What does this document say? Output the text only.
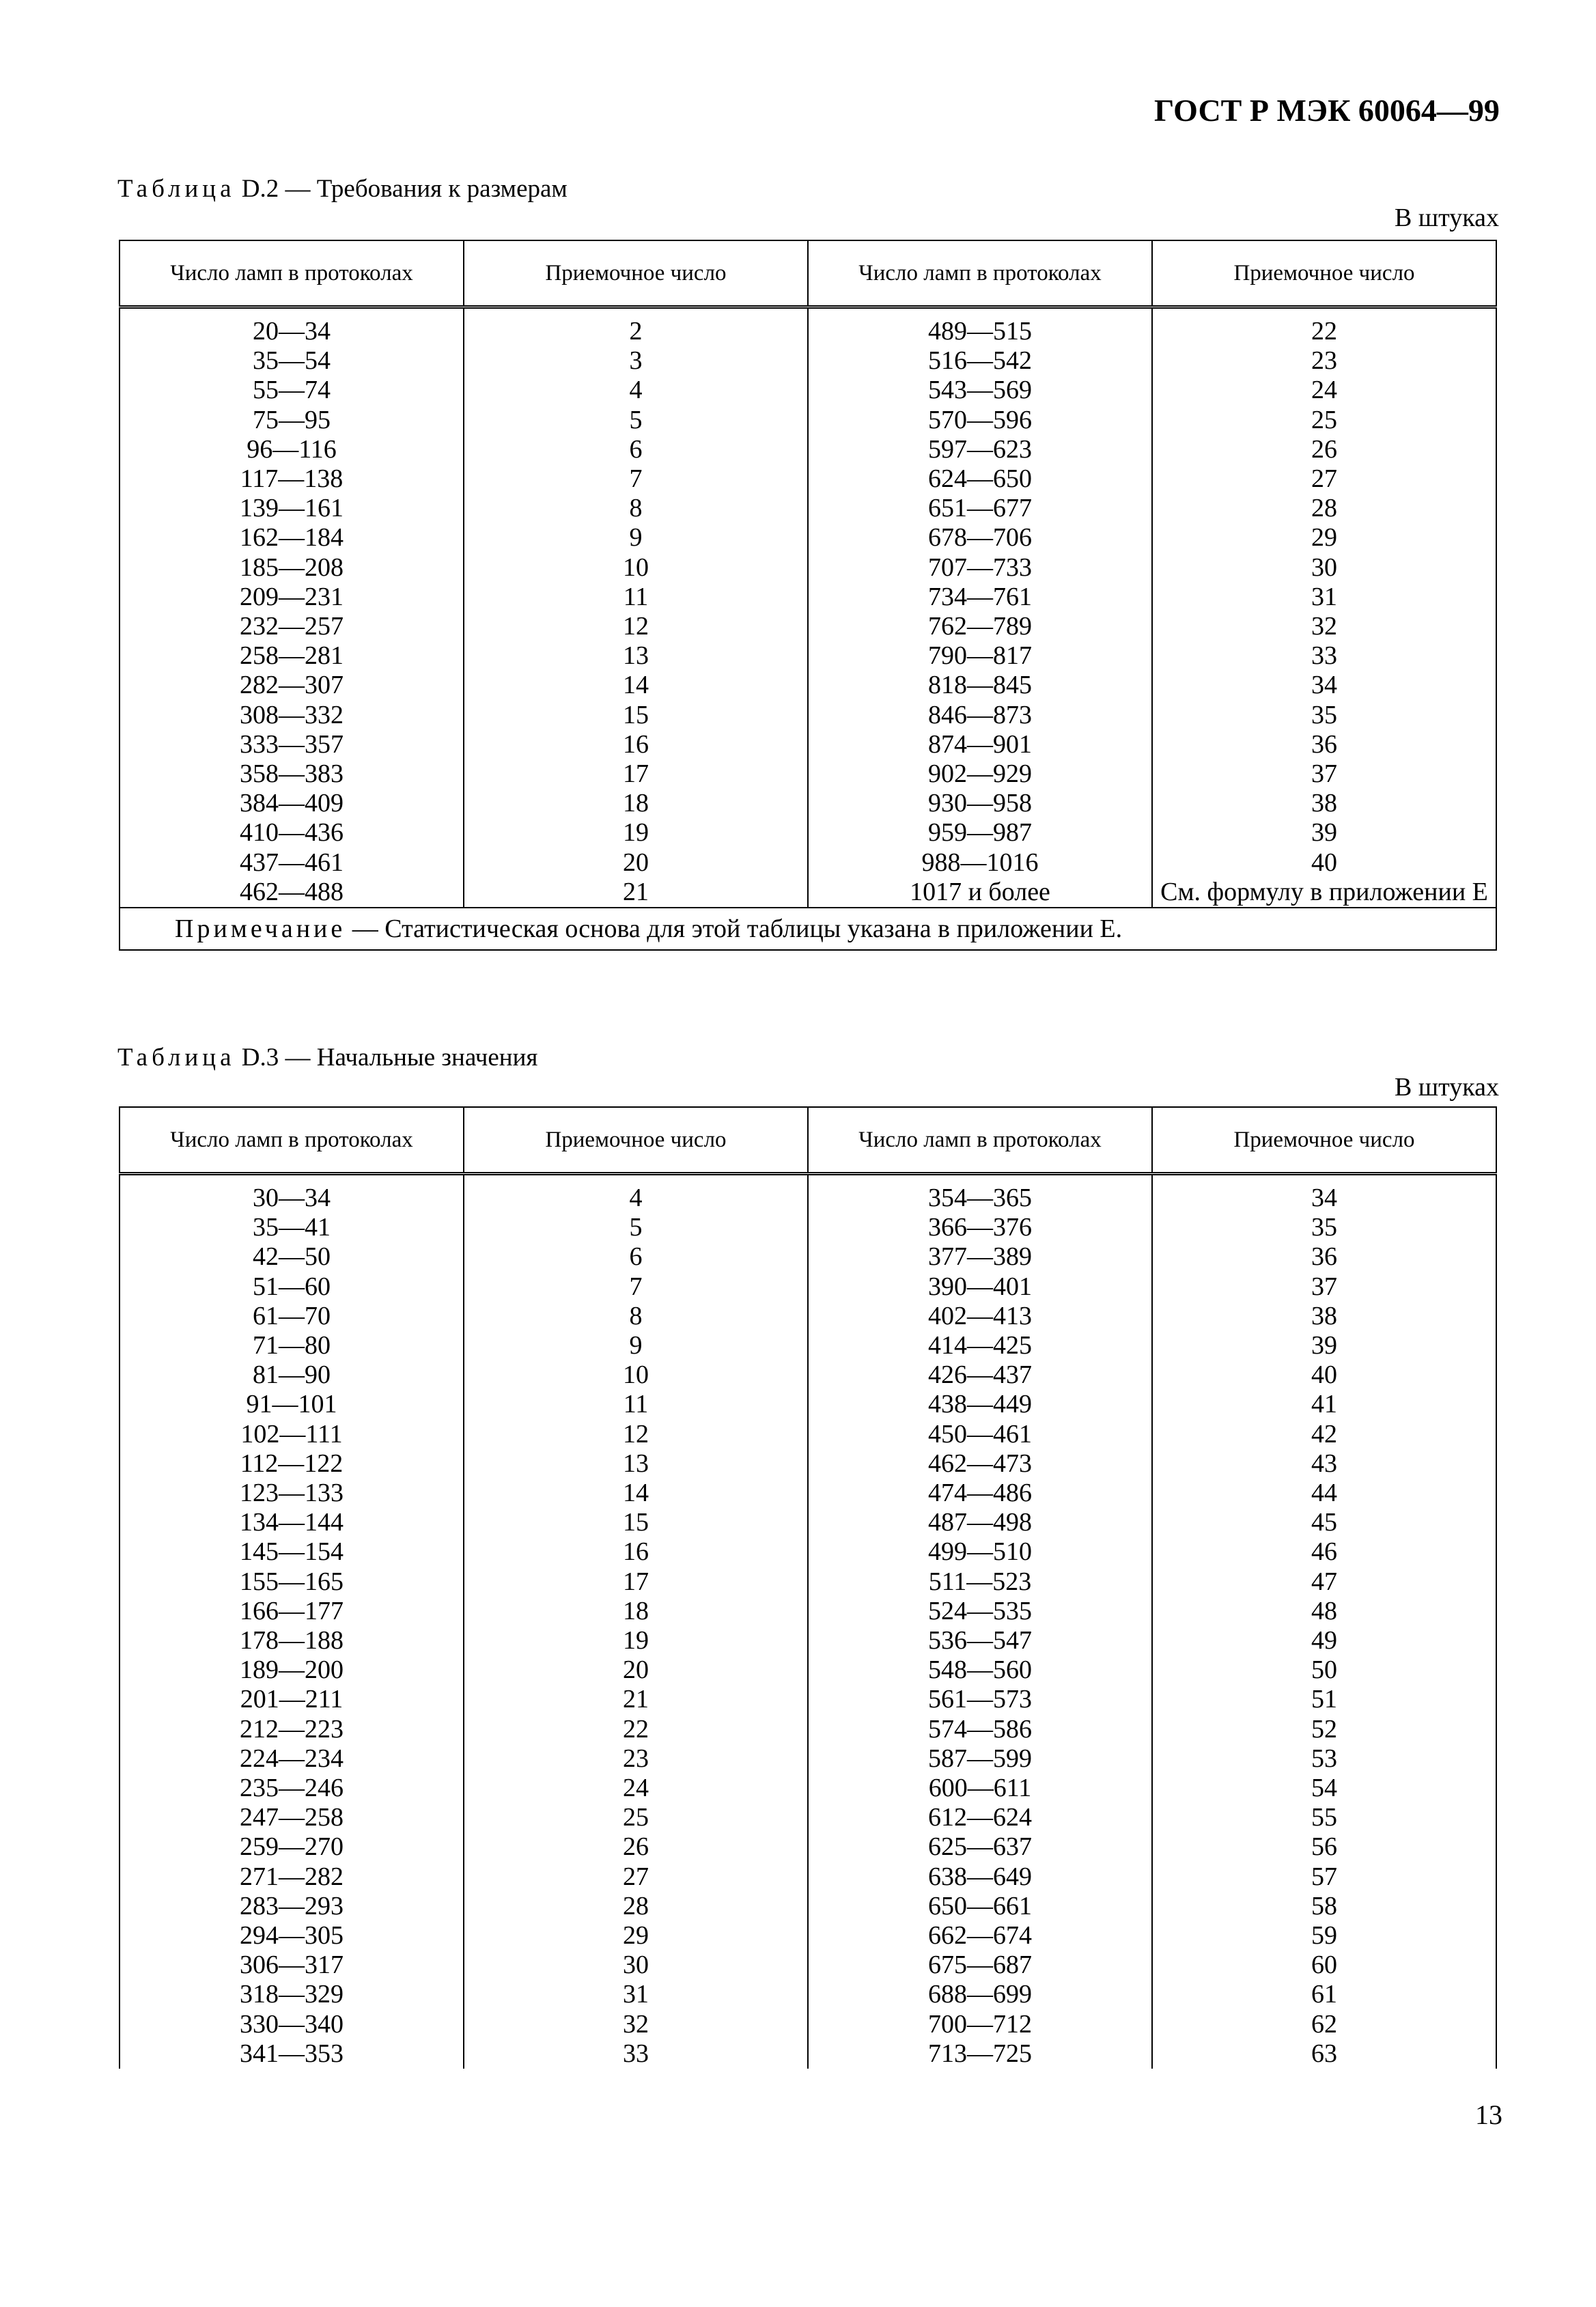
ГОСТ Р МЭК 60064—99
Таблица D.2 — Требования к размерам
В штуках
Число ламп в протоколах	Приемочное число	Число ламп в протоколах	Приемочное число

20—34	2	489—515	22
35—54	3	516—542	23
55—74	4	543—569	24
75—95	5	570—596	25
96—116	6	597—623	26
117—138	7	624—650	27
139—161	8	651—677	28
162—184	9	678—706	29
185—208	10	707—733	30
209—231	11	734—761	31
232—257	12	762—789	32
258—281	13	790—817	33
282—307	14	818—845	34
308—332	15	846—873	35
333—357	16	874—901	36
358—383	17	902—929	37
384—409	18	930—958	38
410—436	19	959—987	39
437—461	20	988—1016	40
462—488	21	1017 и более	См. формулу в приложении Е
Примечание — Статистическая основа для этой таблицы указана в приложении Е.			
Таблица D.3 — Начальные значения
В штуках
Число ламп в протоколах	Приемочное число	Число ламп в протоколах	Приемочное число

30—34	4	354—365	34
35—41	5	366—376	35
42—50	6	377—389	36
51—60	7	390—401	37
61—70	8	402—413	38
71—80	9	414—425	39
81—90	10	426—437	40
91—101	11	438—449	41
102—111	12	450—461	42
112—122	13	462—473	43
123—133	14	474—486	44
134—144	15	487—498	45
145—154	16	499—510	46
155—165	17	511—523	47
166—177	18	524—535	48
178—188	19	536—547	49
189—200	20	548—560	50
201—211	21	561—573	51
212—223	22	574—586	52
224—234	23	587—599	53
235—246	24	600—611	54
247—258	25	612—624	55
259—270	26	625—637	56
271—282	27	638—649	57
283—293	28	650—661	58
294—305	29	662—674	59
306—317	30	675—687	60
318—329	31	688—699	61
330—340	32	700—712	62
341—353	33	713—725	63
13
